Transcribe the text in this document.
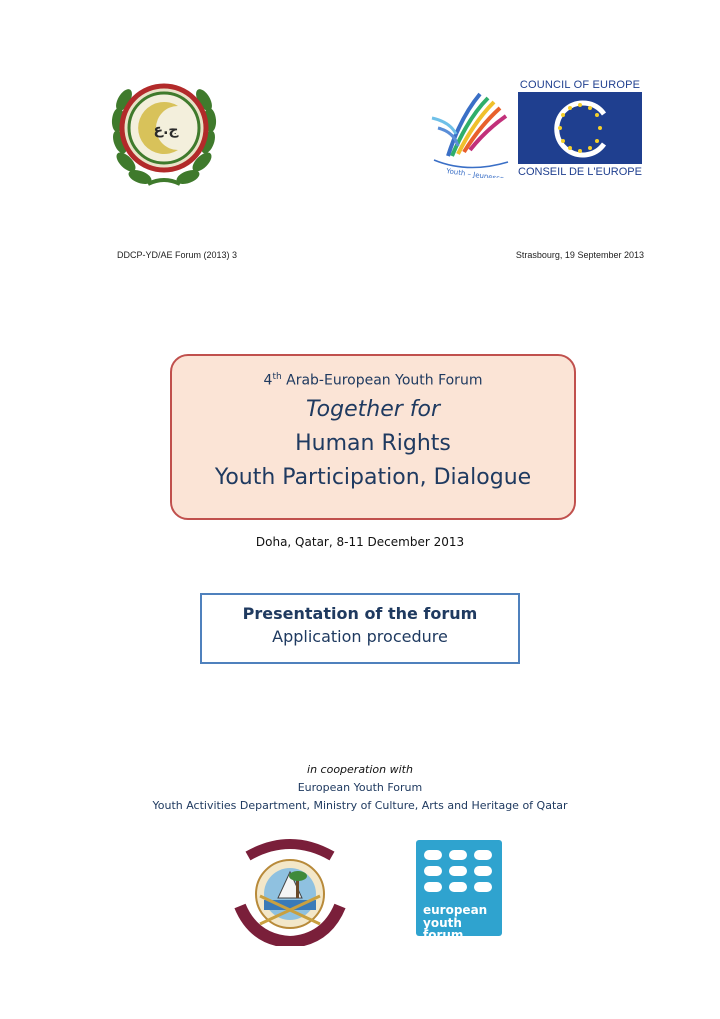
ج.ع
Youth – Jeunesse
COUNCIL OF EUROPE
CONSEIL DE L'EUROPE
DDCP-YD/AE Forum (2013) 3	Strasbourg, 19 September 2013
4th Arab-European Youth Forum
Together for
Human Rights
Youth Participation, Dialogue
Doha, Qatar, 8-11 December 2013
Presentation of the forum
Application procedure
in cooperation with
European Youth Forum
Youth Activities Department, Ministry of Culture, Arts and Heritage of Qatar
european
youth forum
